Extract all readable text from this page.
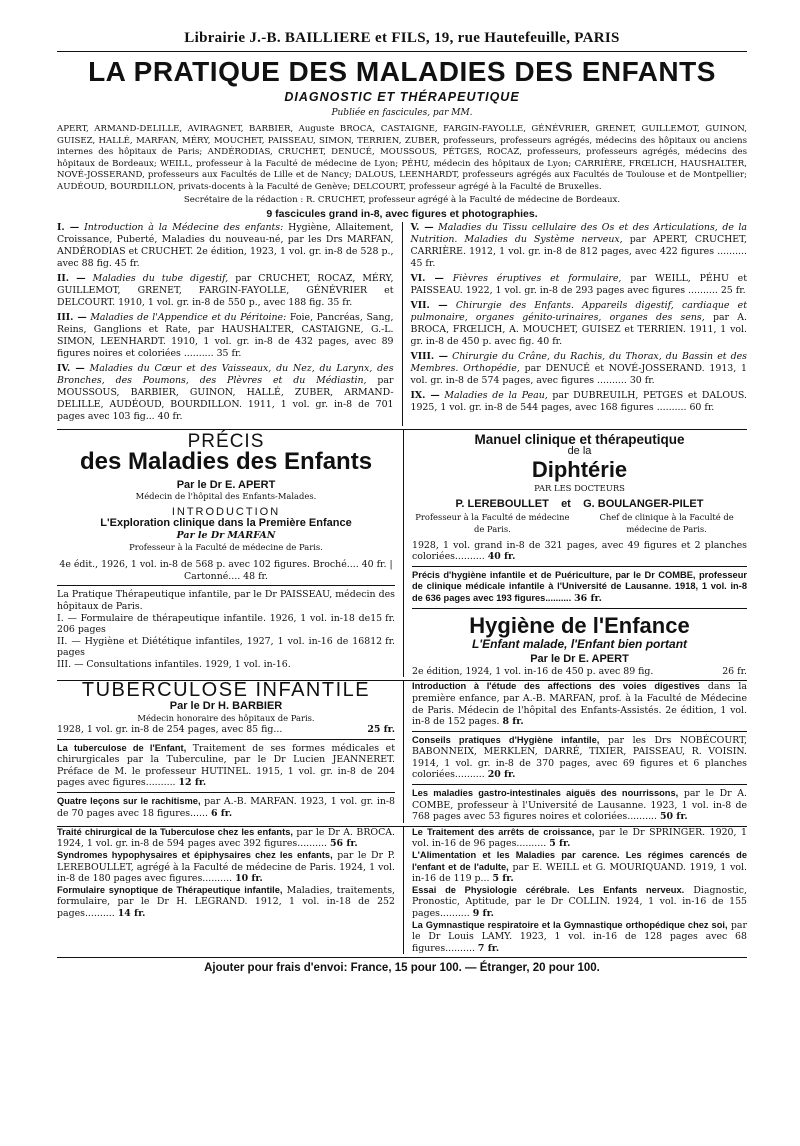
Librairie J.-B. BAILLIERE et FILS, 19, rue Hautefeuille, PARIS
LA PRATIQUE DES MALADIES DES ENFANTS
DIAGNOSTIC ET THÉRAPEUTIQUE
Publiée en fascicules, par MM.
APERT, ARMAND-DELILLE, AVIRAGNET, BARBIER, Auguste BROCA, CASTAIGNE, FARGIN-FAYOLLE, GÉNÉVRIER, GRENET, GUILLEMOT, GUINON, GUISEZ, HALLÉ, MARFAN, MÉRY, MOUCHET, PAISSEAU, SIMON, TERRIEN, ZUBER, professeurs, professeurs agrégés, médecins des hôpitaux ou anciens internes des hôpitaux de Paris; ANDÉRODIAS, CRUCHET, DENUCÉ, MOUSSOUS, PÉTGES, ROCAZ, professeurs, professeurs agrégés, médecins des hôpitaux de Bordeaux; WEILL, professeur à la Faculté de médecine de Lyon; PÉHU, médecin des hôpitaux de Lyon; CARRIÈRE, FRŒLICH, HAUSHALTER, NOVÉ-JOSSERAND, professeurs aux Facultés de Lille et de Nancy; DALOUS, LEENHARDT, professeurs agrégés aux Facultés de Toulouse et de Montpellier; AUDÉOUD, BOURDILLON, privats-docents à la Faculté de Genève; DELCOURT, professeur agrégé à la Faculté de Bruxelles.
Secrétaire de la rédaction : R. CRUCHET, professeur agrégé à la Faculté de médecine de Bordeaux.
9 fascicules grand in-8, avec figures et photographies.
I. — Introduction à la Médecine des enfants: Hygiène, Allaitement, Croissance, Puberté, Maladies du nouveau-né, par les Drs MARFAN, ANDÉRODIAS et CRUCHET. 2e édition, 1923, 1 vol. gr. in-8 de 528 p., avec 88 fig. 45 fr.
II. — Maladies du tube digestif, par CRUCHET, ROCAZ, MÉRY, GUILLEMOT, GRENET, FARGIN-FAYOLLE, GÉNÉVRIER et DELCOURT. 1910, 1 vol. gr. in-8 de 550 p., avec 188 fig. 35 fr.
III. — Maladies de l'Appendice et du Péritoine: Foie, Pancréas, Sang, Reins, Ganglions et Rate, par HAUSHALTER, CASTAIGNE, G.-L. SIMON, LEENHARDT. 1910, 1 vol. gr. in-8 de 432 pages, avec 89 figures noires et coloriées .......... 35 fr.
IV. — Maladies du Cœur et des Vaisseaux, du Nez, du Larynx, des Bronches, des Poumons, des Plèvres et du Médiastin, par MOUSSOUS, BARBIER, GUINON, HALLÉ, ZUBER, ARMAND-DELILLE, AUDÉOUD, BOURDILLON. 1911, 1 vol. gr. in-8 de 701 pages avec 103 fig... 40 fr.
V. — Maladies du Tissu cellulaire des Os et des Articulations, de la Nutrition. Maladies du Système nerveux, par APERT, CRUCHET, CARRIÈRE. 1912, 1 vol. gr. in-8 de 812 pages, avec 422 figures .......... 45 fr.
VI. — Fièvres éruptives et formulaire, par WEILL, PÉHU et PAISSEAU. 1922, 1 vol. gr. in-8 de 293 pages avec figures .......... 25 fr.
VII. — Chirurgie des Enfants. Appareils digestif, cardiaque et pulmonaire, organes génito-urinaires, organes des sens, par A. BROCA, FRŒLICH, A. MOUCHET, GUISEZ et TERRIEN. 1911, 1 vol. gr. in-8 de 450 p. avec fig. 40 fr.
VIII. — Chirurgie du Crâne, du Rachis, du Thorax, du Bassin et des Membres. Orthopédie, par DENUCÉ et NOVÉ-JOSSERAND. 1913, 1 vol. gr. in-8 de 574 pages, avec figures .......... 30 fr.
IX. — Maladies de la Peau, par DUBREUILH, PETGES et DALOUS. 1925, 1 vol. gr. in-8 de 544 pages, avec 168 figures .......... 60 fr.
PRÉCIS
des Maladies des Enfants
Par le Dr E. APERT
Médecin de l'hôpital des Enfants-Malades.
INTRODUCTION
L'Exploration clinique dans la Première Enfance
Par le Dr MARFAN
Professeur à la Faculté de médecine de Paris.
4e édit., 1926, 1 vol. in-8 de 568 p. avec 102 figures. Broché.... 40 fr. | Cartonné.... 48 fr.
La Pratique Thérapeutique infantile, par le Dr PAISSEAU, médecin des hôpitaux de Paris.
15 fr.
I. — Formulaire de thérapeutique infantile. 1926, 1 vol. in-18 de 206 pages
12 fr.
II. — Hygiène et Diététique infantiles, 1927, 1 vol. in-16 de 168 pages
III. — Consultations infantiles. 1929, 1 vol. in-16.
Manuel clinique et thérapeutique
de la
Diphtérie
PAR LES DOCTEURS
P. LEREBOULLET et G. BOULANGER-PILET
Professeur à la Faculté de médecine de Paris.
Chef de clinique à la Faculté de médecine de Paris.
1928, 1 vol. grand in-8 de 321 pages, avec 49 figures et 2 planches coloriées.......... 40 fr.
Précis d'hygiène infantile et de Puériculture, par le Dr COMBE, professeur de clinique médicale infantile à l'Université de Lausanne. 1918, 1 vol. in-8 de 636 pages avec 193 figures.......... 36 fr.
Hygiène de l'Enfance
L'Enfant malade, l'Enfant bien portant
Par le Dr E. APERT
26 fr.
2e édition, 1924, 1 vol. in-16 de 450 p. avec 89 fig.
TUBERCULOSE INFANTILE
Par le Dr H. BARBIER
Médecin honoraire des hôpitaux de Paris.
25 fr.
1928, 1 vol. gr. in-8 de 254 pages, avec 85 fig...
La tuberculose de l'Enfant, Traitement de ses formes médicales et chirurgicales par la Tuberculine, par le Dr Lucien JEANNERET. Préface de M. le professeur HUTINEL. 1915, 1 vol. gr. in-8 de 204 pages avec figures.......... 12 fr.
Quatre leçons sur le rachitisme, par A.-B. MARFAN. 1923, 1 vol. gr. in-8 de 70 pages avec 18 figures...... 6 fr.
Introduction à l'étude des affections des voies digestives dans la première enfance, par A.-B. MARFAN, prof. à la Faculté de Médecine de Paris. Médecin de l'hôpital des Enfants-Assistés. 2e édition, 1 vol. in-8 de 152 pages. 8 fr.
Conseils pratiques d'Hygiène infantile, par les Drs NOBÉCOURT, BABONNEIX, MERKLEN, DARRÉ, TIXIER, PAISSEAU, R. VOISIN. 1914, 1 vol. gr. in-8 de 370 pages, avec 69 figures et 6 planches coloriées.......... 20 fr.
Les maladies gastro-intestinales aiguës des nourrissons, par le Dr A. COMBE, professeur à l'Université de Lausanne. 1923, 1 vol. in-8 de 768 pages avec 53 figures noires et coloriées.......... 50 fr.
Traité chirurgical de la Tuberculose chez les enfants, par le Dr A. BROCA. 1924, 1 vol. gr. in-8 de 594 pages avec 392 figures.......... 56 fr.
Syndromes hypophysaires et épiphysaires chez les enfants, par le Dr P. LEREBOULLET, agrégé à la Faculté de médecine de Paris. 1924, 1 vol. in-8 de 180 pages avec figures.......... 10 fr.
Formulaire synoptique de Thérapeutique infantile, Maladies, traitements, formulaire, par le Dr H. LEGRAND. 1912, 1 vol. in-18 de 252 pages.......... 14 fr.
Le Traitement des arrêts de croissance, par le Dr SPRINGER. 1920, 1 vol. in-16 de 96 pages.......... 5 fr.
L'Alimentation et les Maladies par carence. Les régimes carencés de l'enfant et de l'adulte, par E. WEILL et G. MOURIQUAND. 1919, 1 vol. in-16 de 119 p... 5 fr.
Essai de Physiologie cérébrale. Les Enfants nerveux. Diagnostic, Pronostic, Aptitude, par le Dr COLLIN. 1924, 1 vol. in-16 de 155 pages.......... 9 fr.
La Gymnastique respiratoire et la Gymnastique orthopédique chez soi, par le Dr Louis LAMY. 1923, 1 vol. in-16 de 128 pages avec 68 figures.......... 7 fr.
Ajouter pour frais d'envoi: France, 15 pour 100. — Étranger, 20 pour 100.
